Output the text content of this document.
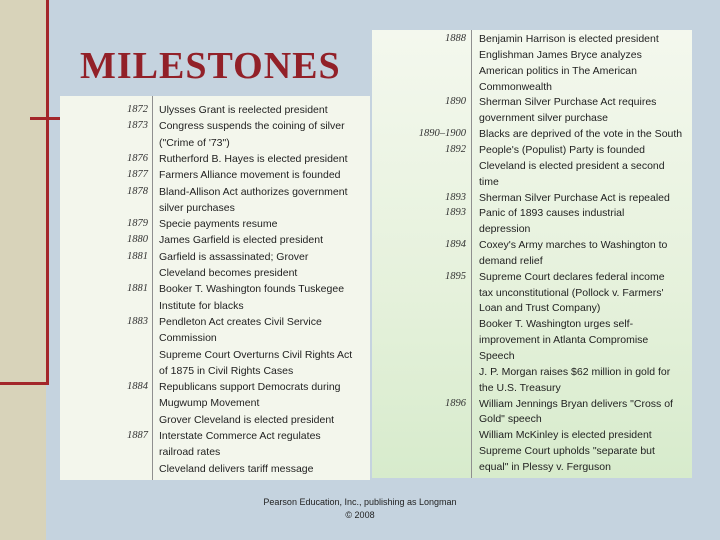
MILESTONES
1872 Ulysses Grant is reelected president
1873 Congress suspends the coining of silver
("Crime of '73")
1876 Rutherford B. Hayes is elected president
1877 Farmers Alliance movement is founded
1878 Bland-Allison Act authorizes government
silver purchases
1879 Specie payments resume
1880 James Garfield is elected president
1881 Garfield is assassinated; Grover
Cleveland becomes president
1881 Booker T. Washington founds Tuskegee
Institute for blacks
1883 Pendleton Act creates Civil Service
Commission
Supreme Court Overturns Civil Rights Act
of 1875 in Civil Rights Cases
1884 Republicans support Democrats during
Mugwump Movement
Grover Cleveland is elected president
1887 Interstate Commerce Act regulates
railroad rates
Cleveland delivers tariff message
1888 Benjamin Harrison is elected president
Englishman James Bryce analyzes
American politics in The American
Commonwealth
1890 Sherman Silver Purchase Act requires
government silver purchase
1890–1900 Blacks are deprived of the vote in the South
1892 People's (Populist) Party is founded
Cleveland is elected president a second
time
1893 Sherman Silver Purchase Act is repealed
1893 Panic of 1893 causes industrial
depression
1894 Coxey's Army marches to Washington to
demand relief
1895 Supreme Court declares federal income
tax unconstitutional (Pollock v. Farmers'
Loan and Trust Company)
Booker T. Washington urges self-
improvement in Atlanta Compromise
Speech
J. P. Morgan raises $62 million in gold for
the U.S. Treasury
1896 William Jennings Bryan delivers "Cross of
Gold" speech
William McKinley is elected president
Supreme Court upholds "separate but
equal" in Plessy v. Ferguson
Pearson Education, Inc., publishing as Longman
© 2008
